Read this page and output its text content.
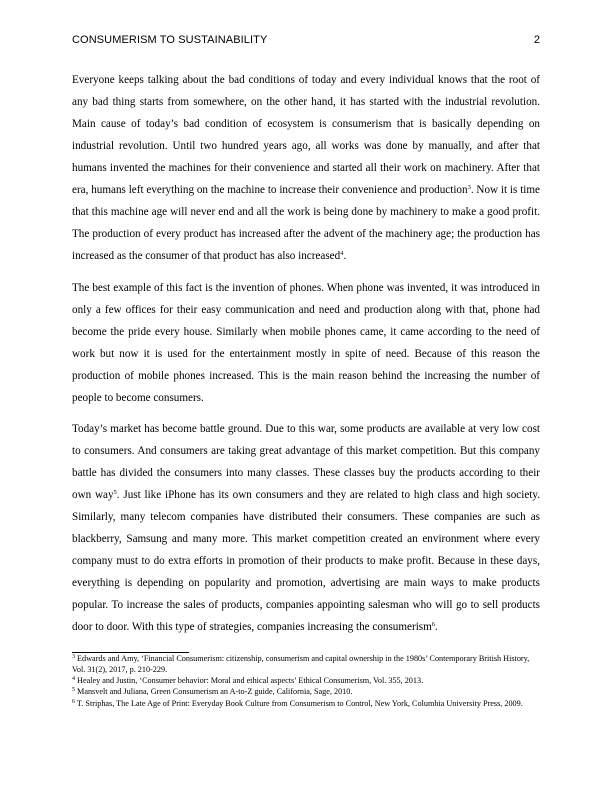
CONSUMERISM TO SUSTAINABILITY	2

Everyone keeps talking about the bad conditions of today and every individual knows that the root of any bad thing starts from somewhere, on the other hand, it has started with the industrial revolution. Main cause of today’s bad condition of ecosystem is consumerism that is basically depending on industrial revolution. Until two hundred years ago, all works was done by manually, and after that humans invented the machines for their convenience and started all their work on machinery. After that era, humans left everything on the machine to increase their convenience and production$^3$. Now it is time that this machine age will never end and all the work is being done by machinery to make a good profit. The production of every product has increased after the advent of the machinery age; the production has increased as the consumer of that product has also increased$^4$.

The best example of this fact is the invention of phones. When phone was invented, it was introduced in only a few offices for their easy communication and need and production along with that, phone had become the pride every house. Similarly when mobile phones came, it came according to the need of work but now it is used for the entertainment mostly in spite of need. Because of this reason the production of mobile phones increased. This is the main reason behind the increasing the number of people to become consumers.

Today’s market has become battle ground. Due to this war, some products are available at very low cost to consumers. And consumers are taking great advantage of this market competition. But this company battle has divided the consumers into many classes. These classes buy the products according to their own way$^5$. Just like iPhone has its own consumers and they are related to high class and high society. Similarly, many telecom companies have distributed their consumers. These companies are such as blackberry, Samsung and many more. This market competition created an environment where every company must to do extra efforts in promotion of their products to make profit. Because in these days, everything is depending on popularity and promotion, advertising are main ways to make products popular. To increase the sales of products, companies appointing salesman who will go to sell products door to door. With this type of strategies, companies increasing the consumerism$^6$.

$^3$ Edwards and Amy, ‘Financial Consumerism: citizenship, consumerism and capital ownership in the 1980s’ Contemporary British History, Vol. 31(2), 2017, p. 210-229.
$^4$ Healey and Justin, ‘Consumer behavior: Moral and ethical aspects’ Ethical Consumerism, Vol. 355, 2013.
$^5$ Mansvelt and Juliana, Green Consumerism an A-to-Z guide, California, Sage, 2010.
$^6$ T. Striphas, The Late Age of Print: Everyday Book Culture from Consumerism to Control, New York, Columbia University Press, 2009.
